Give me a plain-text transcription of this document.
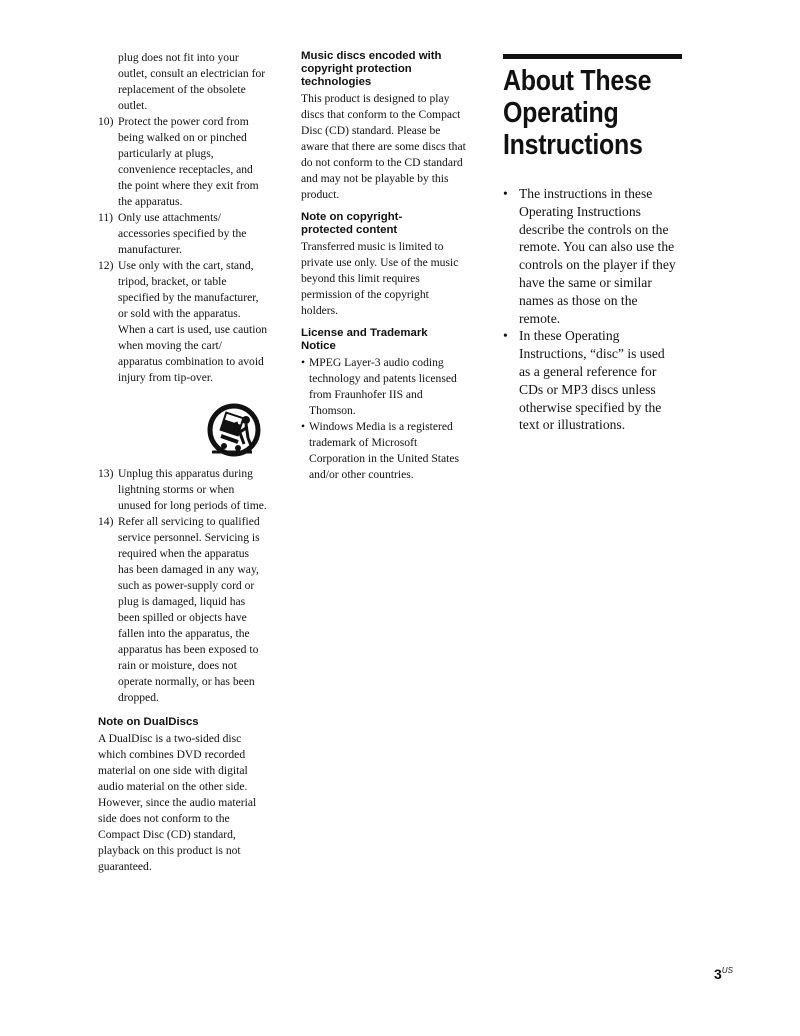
plug does not fit into your
outlet, consult an electrician for
replacement of the obsolete
outlet.
10) Protect the power cord from
being walked on or pinched
particularly at plugs,
convenience receptacles, and
the point where they exit from
the apparatus.
11) Only use attachments/
accessories specified by the
manufacturer.
12) Use only with the cart, stand,
tripod, bracket, or table
specified by the manufacturer,
or sold with the apparatus.
When a cart is used, use caution
when moving the cart/
apparatus combination to avoid
injury from tip-over.
13) Unplug this apparatus during
lightning storms or when
unused for long periods of time.
14) Refer all servicing to qualified
service personnel. Servicing is
required when the apparatus
has been damaged in any way,
such as power-supply cord or
plug is damaged, liquid has
been spilled or objects have
fallen into the apparatus, the
apparatus has been exposed to
rain or moisture, does not
operate normally, or has been
dropped.
Note on DualDiscs
A DualDisc is a two-sided disc
which combines DVD recorded
material on one side with digital
audio material on the other side.
However, since the audio material
side does not conform to the
Compact Disc (CD) standard,
playback on this product is not
guaranteed.
Music discs encoded with
copyright protection
technologies
This product is designed to play
discs that conform to the Compact
Disc (CD) standard. Please be
aware that there are some discs that
do not conform to the CD standard
and may not be playable by this
product.
Note on copyright-
protected content
Transferred music is limited to
private use only. Use of the music
beyond this limit requires
permission of the copyright
holders.
License and Trademark
Notice
• MPEG Layer-3 audio coding
technology and patents licensed
from Fraunhofer IIS and
Thomson.
• Windows Media is a registered
trademark of Microsoft
Corporation in the United States
and/or other countries.
About These
Operating
Instructions
• The instructions in these
Operating Instructions
describe the controls on the
remote. You can also use the
controls on the player if they
have the same or similar
names as those on the
remote.
• In these Operating
Instructions, “disc” is used
as a general reference for
CDs or MP3 discs unless
otherwise specified by the
text or illustrations.
$3^{US}$
